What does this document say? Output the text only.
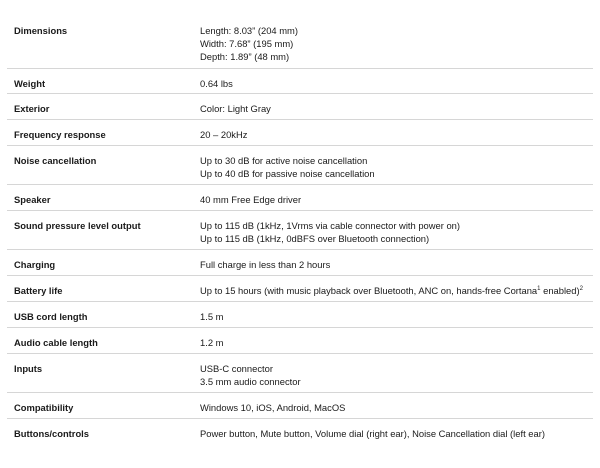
Dimensions	Length: 8.03” (204 mm)
Width: 7.68” (195 mm)
Depth: 1.89” (48 mm)
Weight	0.64 lbs
Exterior	Color: Light Gray
Frequency response	20 – 20kHz
Noise cancellation	Up to 30 dB for active noise cancellation
Up to 40 dB for passive noise cancellation
Speaker	40 mm Free Edge driver
Sound pressure level output	Up to 115 dB (1kHz, 1Vrms via cable connector with power on)
Up to 115 dB (1kHz, 0dBFS over Bluetooth connection)
Charging	Full charge in less than 2 hours
Battery life	Up to 15 hours (with music playback over Bluetooth, ANC on, hands-free Cortana$^1$ enabled)$^2$
USB cord length	1.5 m
Audio cable length	1.2 m
Inputs	USB-C connector
3.5 mm audio connector
Compatibility	Windows 10, iOS, Android, MacOS
Buttons/controls	Power button, Mute button, Volume dial (right ear), Noise Cancellation dial (left ear)
